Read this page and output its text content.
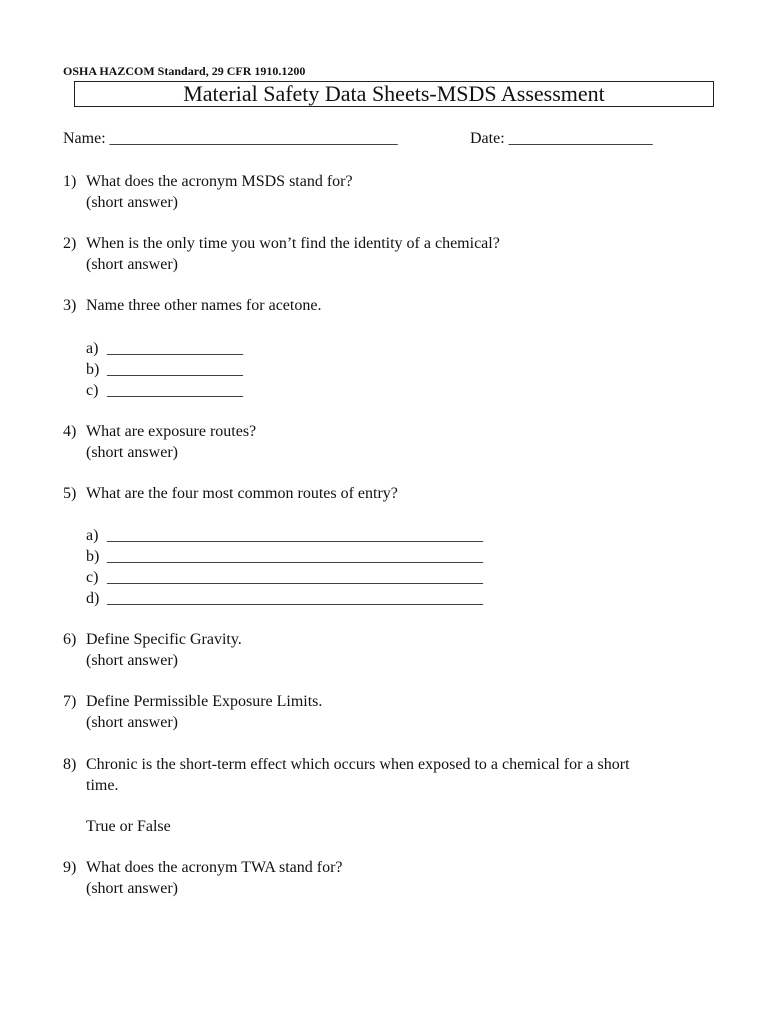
OSHA HAZCOM Standard, 29 CFR 1910.1200
Material Safety Data Sheets-MSDS Assessment
Name: ____________________________________	Date: __________________
1) What does the acronym MSDS stand for?
(short answer)
2) When is the only time you won’t find the identity of a chemical?
(short answer)
3) Name three other names for acetone.
a) _________________
b) _________________
c) _________________
4) What are exposure routes?
(short answer)
5) What are the four most common routes of entry?
a) _______________________________________________
b) _______________________________________________
c) _______________________________________________
d) _______________________________________________
6) Define Specific Gravity.
(short answer)
7) Define Permissible Exposure Limits.
(short answer)
8) Chronic is the short-term effect which occurs when exposed to a chemical for a short
time.
True or False
9) What does the acronym TWA stand for?
(short answer)
